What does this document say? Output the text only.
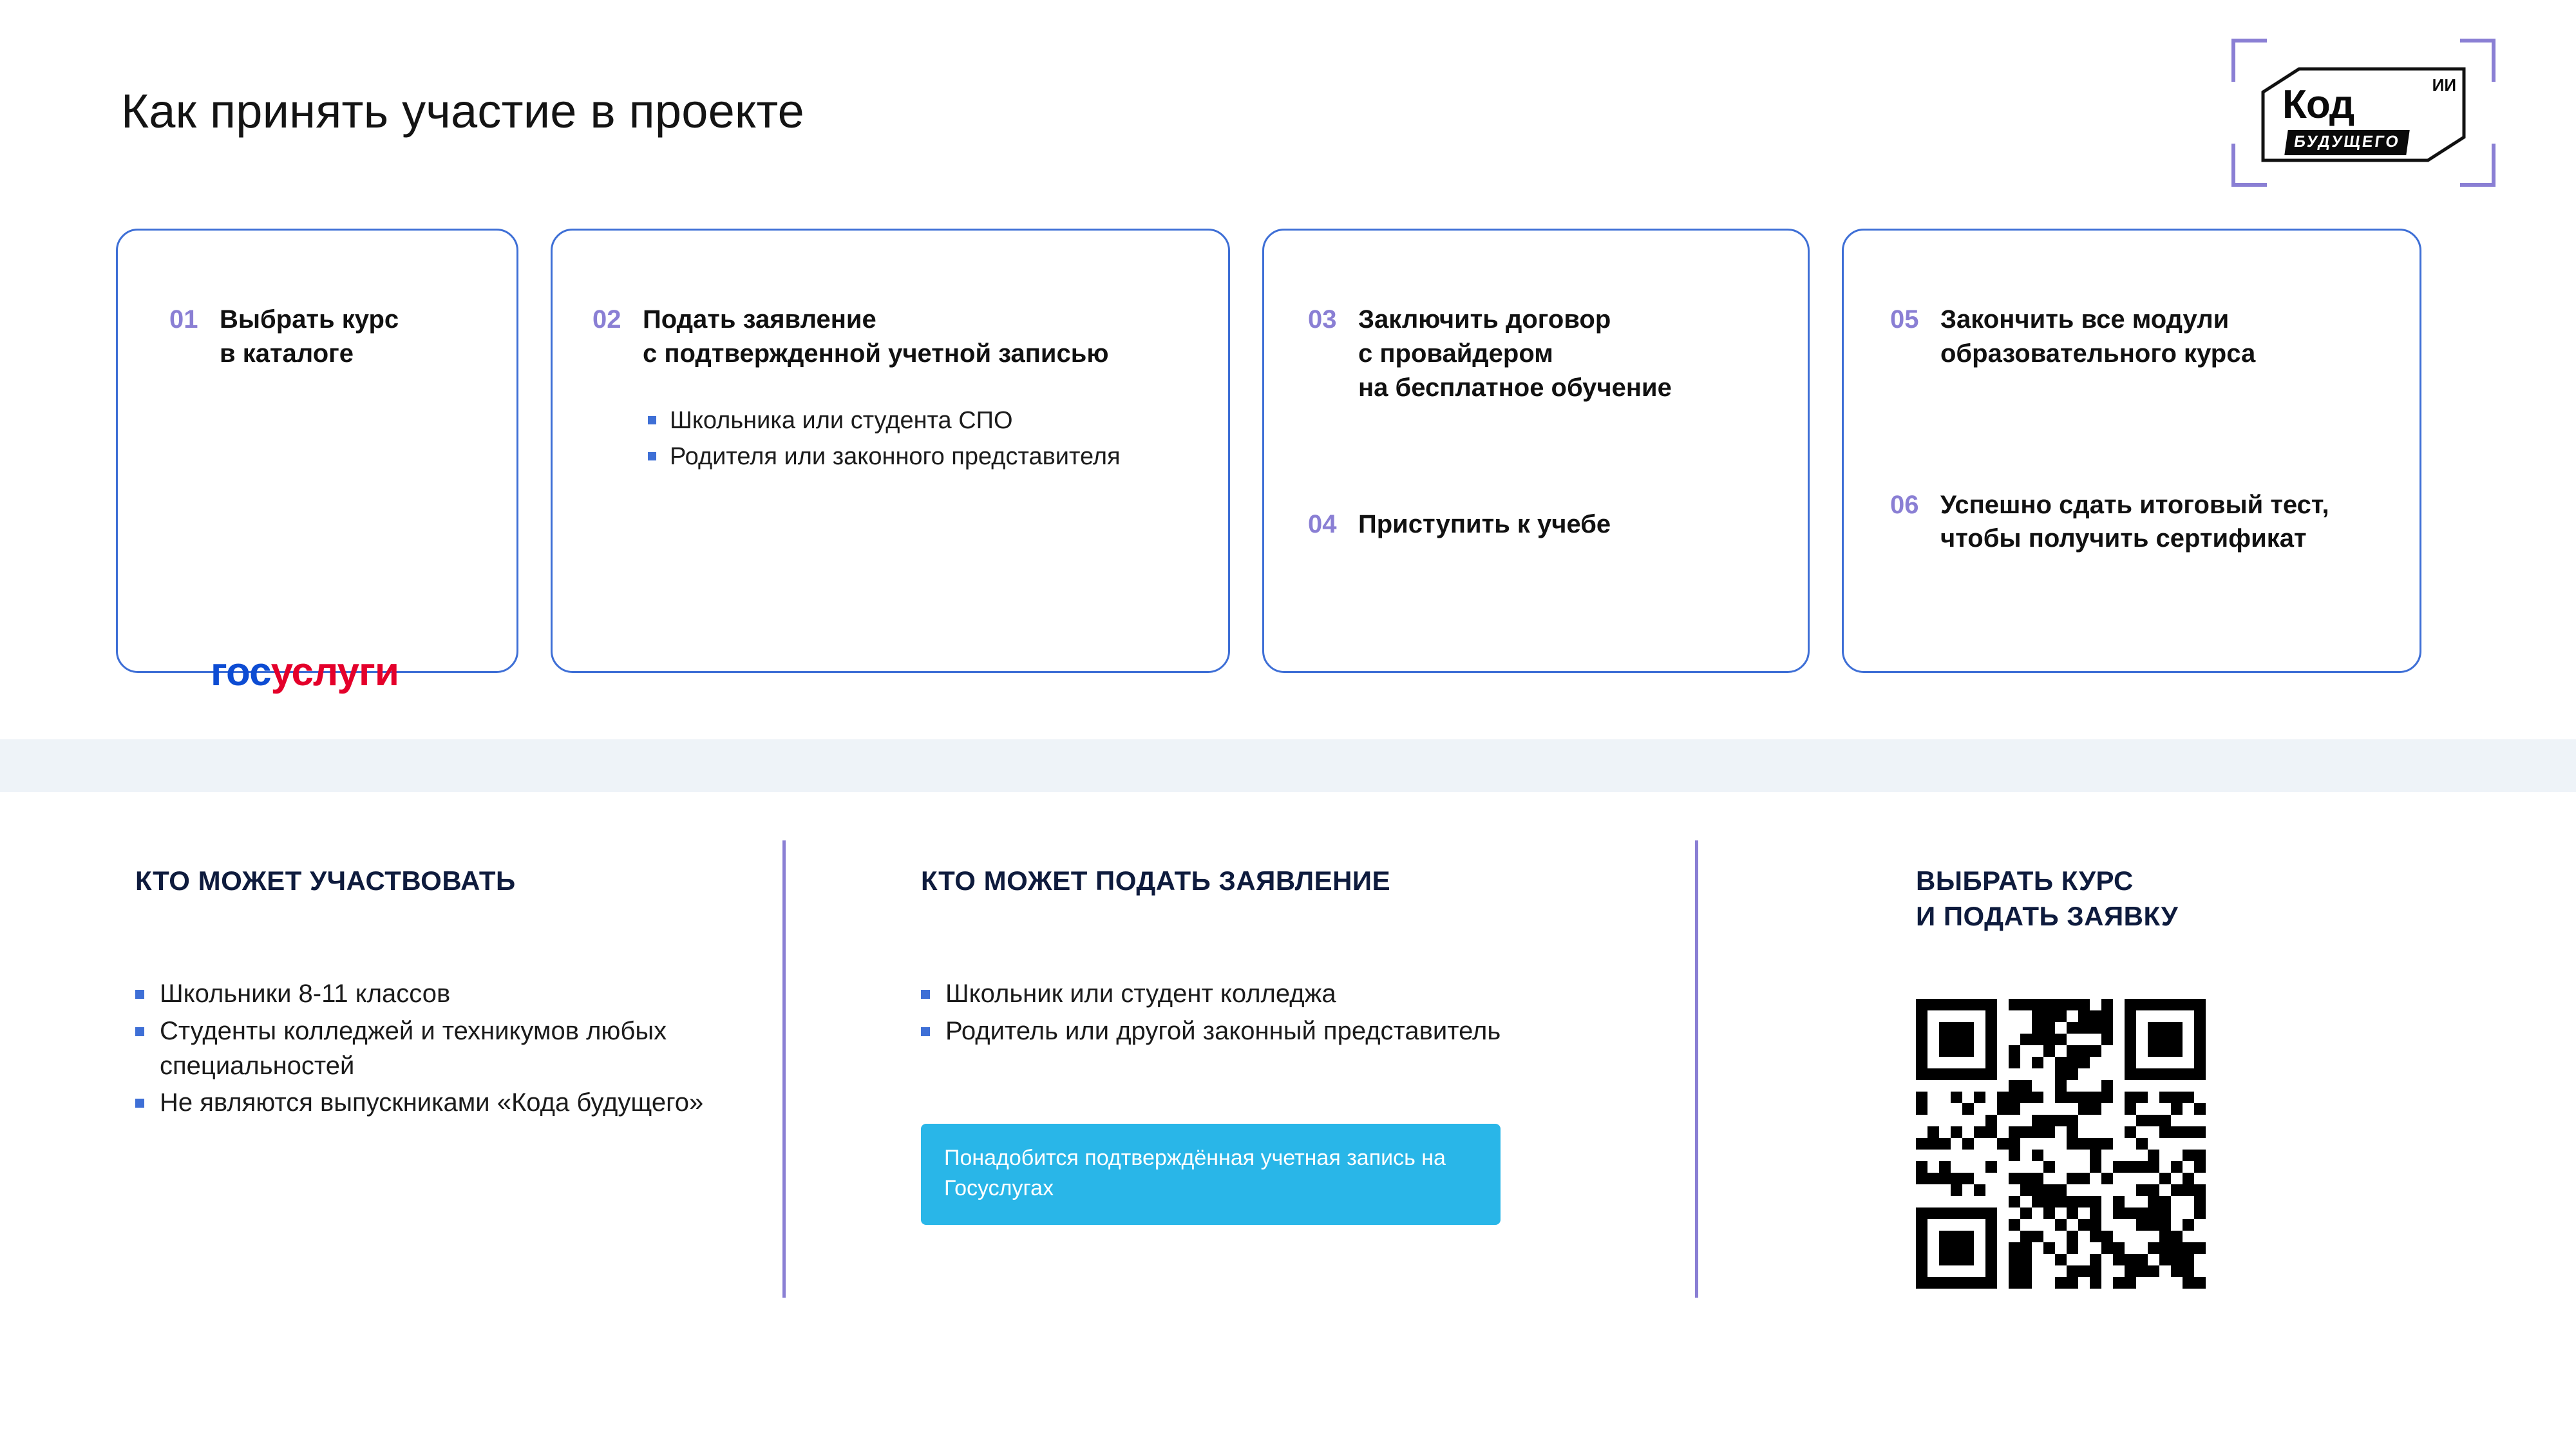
Как принять участие в проекте	Код	ИИ
БУДУЩЕГО
01 Выбрать курс
в каталоге
госуслуги
02 Подать заявление
с подтвержденной учетной записью
Школьника или студента СПО
Родителя или законного представителя
03 Заключить договор
с провайдером
на бесплатное обучение
04 Приступить к учебе
05 Закончить все модули
образовательного курса
06 Успешно сдать итоговый тест, чтобы получить сертификат
КТО МОЖЕТ УЧАСТВОВАТЬ
Школьники 8-11 классов
Студенты колледжей и техникумов любых специальностей
Не являются выпускниками «Кода будущего»
КТО МОЖЕТ ПОДАТЬ ЗАЯВЛЕНИЕ
Школьник или студент колледжа
Родитель или другой законный представитель
Понадобится подтверждённая учетная запись на Госуслугах
ВЫБРАТЬ КУРС
И ПОДАТЬ ЗАЯВКУ
